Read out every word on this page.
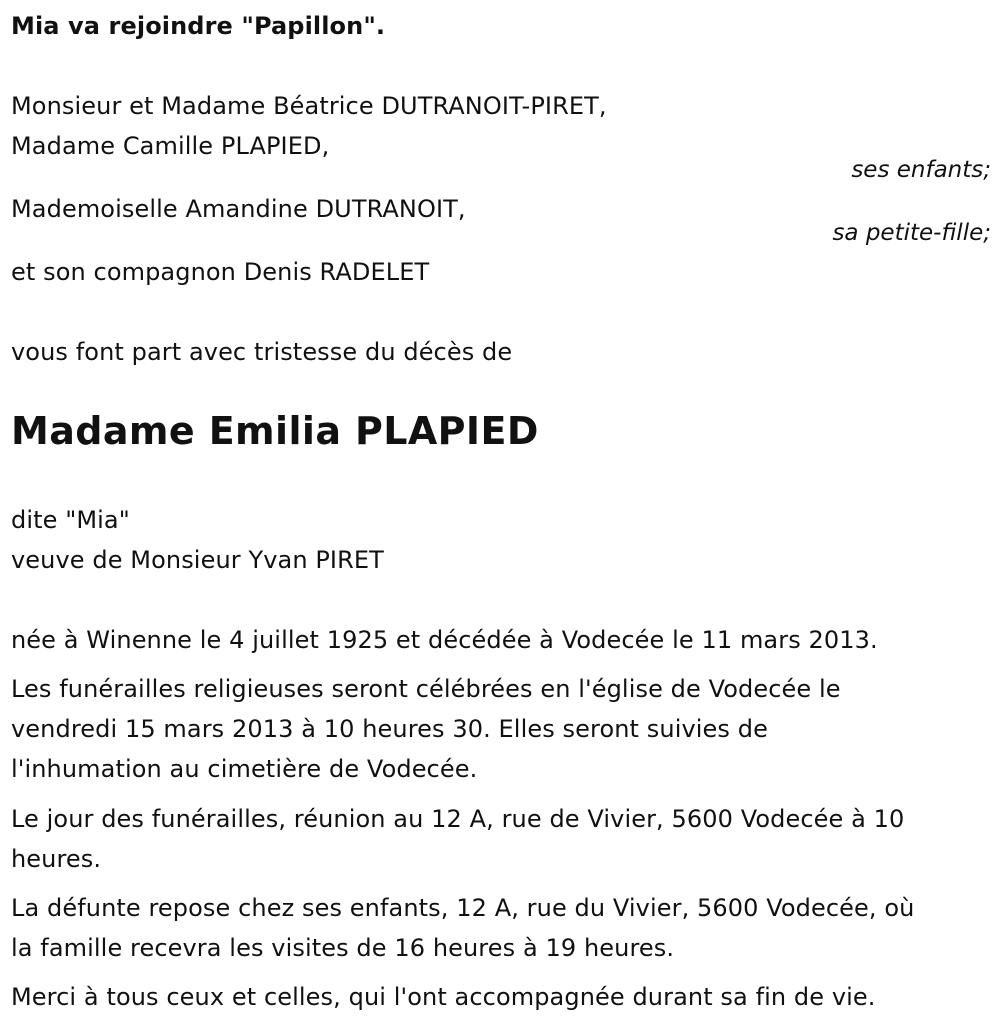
Mia va rejoindre "Papillon".
Monsieur et Madame Béatrice DUTRANOIT-PIRET,
Madame Camille PLAPIED,
ses enfants;
Mademoiselle Amandine DUTRANOIT,
sa petite-fille;
et son compagnon Denis RADELET
vous font part avec tristesse du décès de
Madame Emilia PLAPIED
dite "Mia"
veuve de Monsieur Yvan PIRET
née à Winenne le 4 juillet 1925 et décédée à Vodecée le 11 mars 2013.
Les funérailles religieuses seront célébrées en l'église de Vodecée le
vendredi 15 mars 2013 à 10 heures 30. Elles seront suivies de
l'inhumation au cimetière de Vodecée.
Le jour des funérailles, réunion au 12 A, rue de Vivier, 5600 Vodecée à 10
heures.
La défunte repose chez ses enfants, 12 A, rue du Vivier, 5600 Vodecée, où
la famille recevra les visites de 16 heures à 19 heures.
Merci à tous ceux et celles, qui l'ont accompagnée durant sa fin de vie.
